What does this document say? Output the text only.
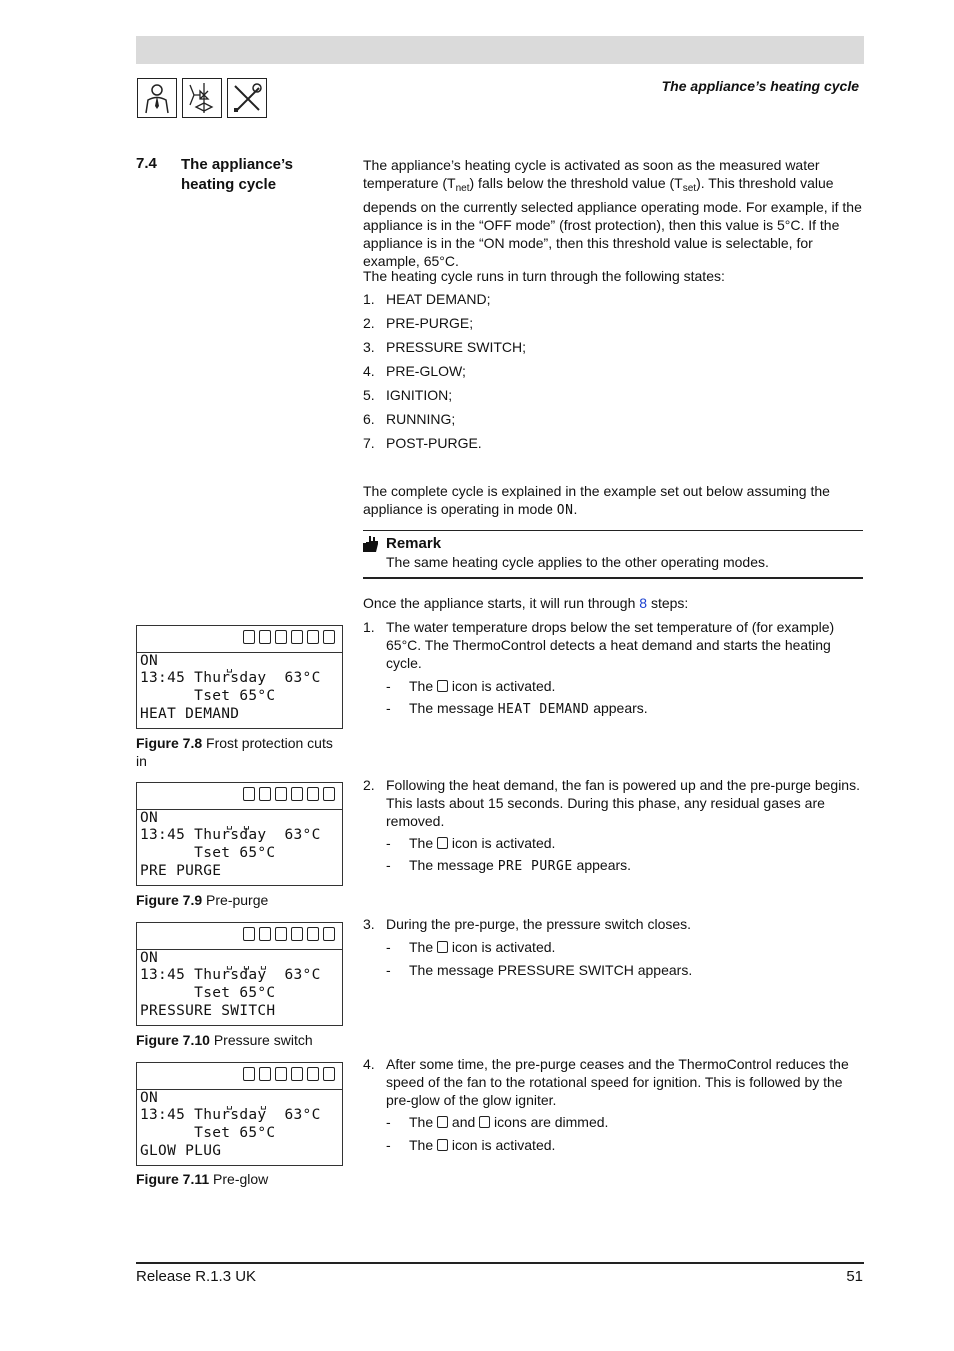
The appliance’s heating cycle
7.4 The appliance’s heating cycle
The appliance’s heating cycle is activated as soon as the measured water temperature $(T_{net})$ falls below the threshold value $(T_{set})$. This threshold value depends on the currently selected appliance operating mode. For example, if the appliance is in the “OFF mode” (frost protection), then this value is 5°C. If the appliance is in the “ON mode”, then this threshold value is selectable, for example, 65°C.
The heating cycle runs in turn through the following states:
1. HEAT DEMAND;
2. PRE-PURGE;
3. PRESSURE SWITCH;
4. PRE-GLOW;
5. IGNITION;
6. RUNNING;
7. POST-PURGE.
The complete cycle is explained in the example set out below assuming the appliance is operating in mode ON.
Remark
The same heating cycle applies to the other operating modes.
Once the appliance starts, it will run through 8 steps:
1. The water temperature drops below the set temperature of (for example) 65°C. The ThermoControl detects a heat demand and starts the heating cycle.
- The  icon is activated.
- The message HEAT DEMAND appears.
2. Following the heat demand, the fan is powered up and the pre-purge begins. This lasts about 15 seconds. During this phase, any residual gases are removed.
- The  icon is activated.
- The message PRE PURGE appears.
3. During the pre-purge, the pressure switch closes.
- The  icon is activated.
- The message PRESSURE SWITCH appears.
4. After some time, the pre-purge ceases and the ThermoControl reduces the speed of the fan to the rotational speed for ignition. This is followed by the pre-glow of the glow igniter.
- The  and  icons are dimmed.
- The  icon is activated.
ON	␣
13:45 Thursday  63°C
Tset 65°C
HEAT DEMAND
Figure 7.8 Frost protection cuts in
ON	␣ ␣
13:45 Thursday  63°C
Tset 65°C
PRE PURGE
Figure 7.9 Pre-purge
ON	␣ ␣ ␣
13:45 Thursday  63°C
Tset 65°C
PRESSURE SWITCH
Figure 7.10 Pressure switch
ON	␣ ␣
13:45 Thursday  63°C
Tset 65°C
GLOW PLUG
Figure 7.11 Pre-glow
Release R.1.3 UK	51
